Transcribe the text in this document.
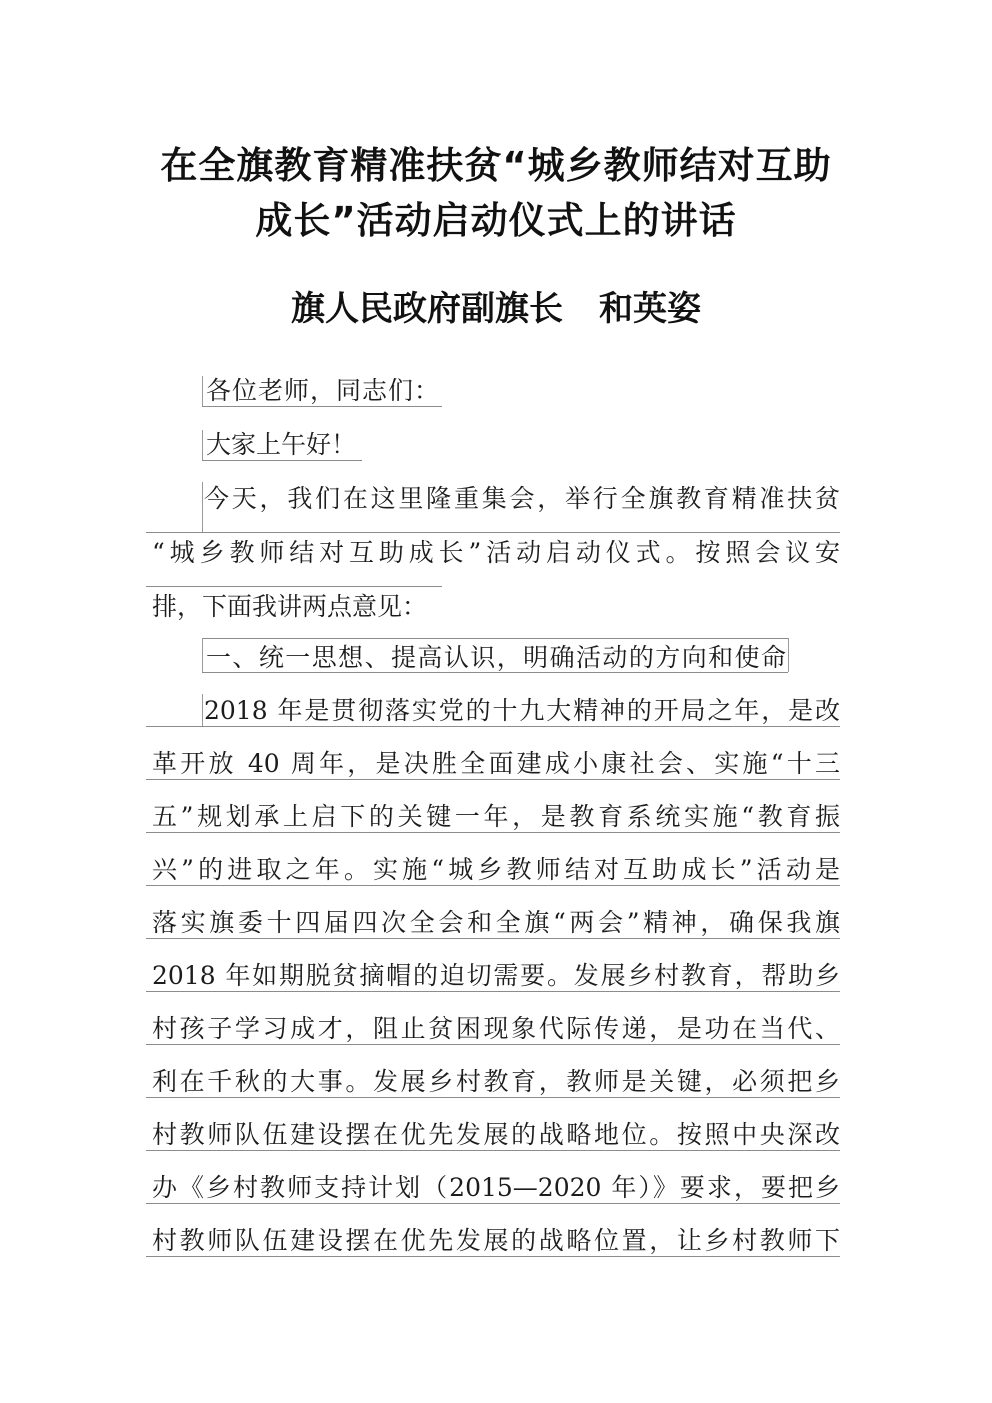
在全旗教育精准扶贫“城乡教师结对互助
成长”活动启动仪式上的讲话
旗人民政府副旗长 和英姿
各位老师，同志们：
大家上午好！
今天，我们在这里隆重集会，举行全旗教育精准扶贫
“城乡教师结对互助成长”活动启动仪式。按照会议安
排，下面我讲两点意见：
一、统一思想、提高认识，明确活动的方向和使命
2018 年是贯彻落实党的十九大精神的开局之年，是改
革开放 40 周年，是决胜全面建成小康社会、实施“十三
五”规划承上启下的关键一年，是教育系统实施“教育振
兴”的进取之年。实施“城乡教师结对互助成长”活动是
落实旗委十四届四次全会和全旗“两会”精神，确保我旗
2018 年如期脱贫摘帽的迫切需要。发展乡村教育，帮助乡
村孩子学习成才，阻止贫困现象代际传递，是功在当代、
利在千秋的大事。发展乡村教育，教师是关键，必须把乡
村教师队伍建设摆在优先发展的战略地位。按照中央深改
办《乡村教师支持计划（2015—2020 年）》要求，要把乡
村教师队伍建设摆在优先发展的战略位置，让乡村教师下
